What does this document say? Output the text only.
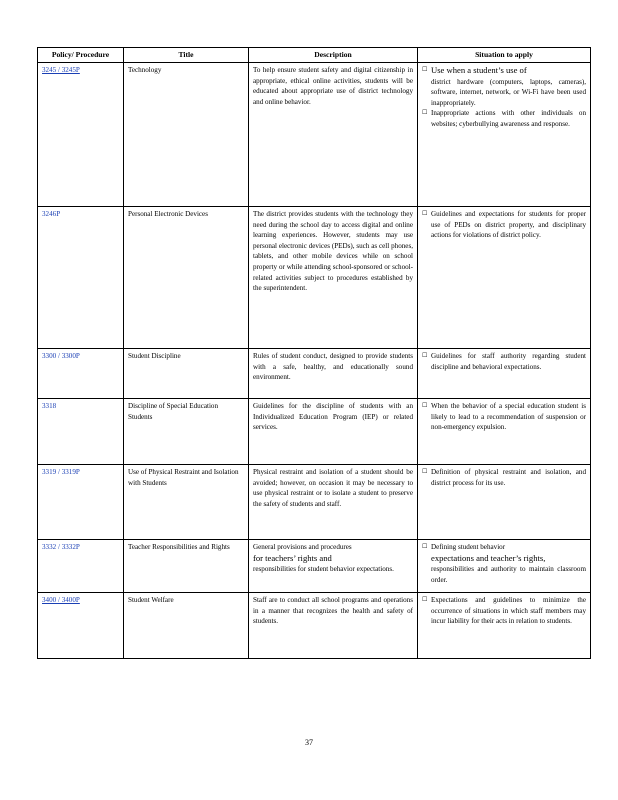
Policy/ Procedure	Title	Description	Situation to apply
3245 / 3245P	Technology	To help ensure student safety and digital citizenship in appropriate, ethical online activities, students will be educated about appropriate use of district technology and online behavior.	☐ Use when a student’s use of
district hardware (computers, laptops, cameras), software, internet, network, or Wi-Fi have been used inappropriately.
☐ Inappropriate actions with other individuals on websites; cyberbullying awareness and response.

3246P	Personal Electronic Devices	The district provides students with the technology they need during the school day to access digital and online learning experiences. However, students may use personal electronic devices (PEDs), such as cell phones, tablets, and other mobile devices while on school property or while attending school-sponsored or school-related activities subject to procedures established by the superintendent.	☐ Guidelines and expectations for students for proper use of PEDs on district property, and disciplinary actions for violations of district policy.

3300 / 3300P	Student Discipline	Rules of student conduct, designed to provide students with a safe, healthy, and educationally sound environment.	☐ Guidelines for staff authority regarding student discipline and behavioral expectations.

3318	Discipline of Special Education Students	Guidelines for the discipline of students with an Individualized Education Program (IEP) or related services.	☐ When the behavior of a special education student is likely to lead to a recommendation of suspension or non-emergency expulsion.

3319 / 3319P	Use of Physical Restraint and Isolation with Students	Physical restraint and isolation of a student should be avoided; however, on occasion it may be necessary to use physical restraint or to isolate a student to preserve the safety of students and staff.	☐ Definition of physical restraint and isolation, and district process for its use.

3332 / 3332P	Teacher Responsibilities and Rights	General provisions and procedures
for teachers’ rights and
responsibilities for student behavior expectations.	☐ Defining student behavior
expectations and teacher’s rights,
responsibilities and authority to maintain classroom order.

3400 / 3400P	Student Welfare	Staff are to conduct all school programs and operations in a manner that recognizes the health and safety of students.	☐ Expectations and guidelines to minimize the occurrence of situations in which staff members may incur liability for their acts in relation to students.
37
